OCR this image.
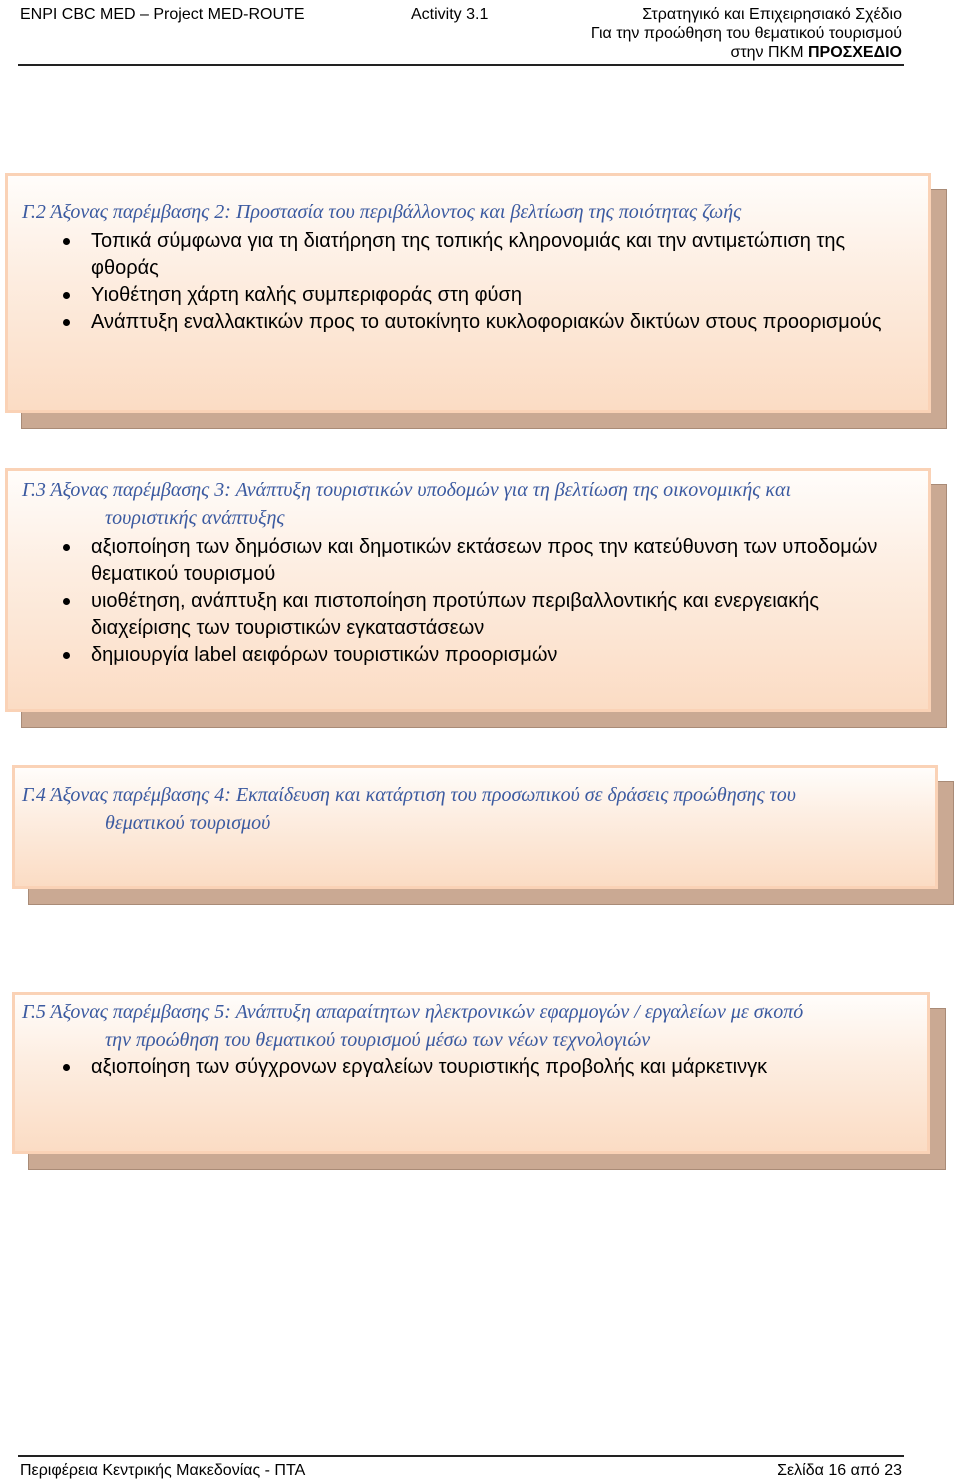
ENPI CBC MED – Project MED-ROUTE	Activity 3.1	Στρατηγικό και Επιχειρησιακό Σχέδιο
Για την προώθηση του θεματικού τουρισμού
στην ΠΚΜ ΠΡΟΣΧΕΔΙΟ
Γ.2 Άξονας παρέμβασης 2: Προστασία του περιβάλλοντος και βελτίωση της ποιότητας ζωής
Τοπικά σύμφωνα για τη διατήρηση της τοπικής κληρονομιάς και την αντιμετώπιση της φθοράς
Υιοθέτηση χάρτη καλής συμπεριφοράς στη φύση
Ανάπτυξη εναλλακτικών προς το αυτοκίνητο κυκλοφοριακών δικτύων στους προορισμούς
Γ.3 Άξονας παρέμβασης 3: Ανάπτυξη τουριστικών υποδομών για τη βελτίωση της οικονομικής και
τουριστικής ανάπτυξης
αξιοποίηση των δημόσιων και δημοτικών εκτάσεων προς την κατεύθυνση των υποδομών θεματικού τουρισμού
υιοθέτηση, ανάπτυξη και πιστοποίηση προτύπων περιβαλλοντικής και ενεργειακής διαχείρισης των τουριστικών εγκαταστάσεων
δημιουργία label αειφόρων τουριστικών προορισμών
Γ.4 Άξονας παρέμβασης 4: Εκπαίδευση και κατάρτιση του προσωπικού σε δράσεις προώθησης του
θεματικού τουρισμού
Γ.5 Άξονας παρέμβασης 5: Ανάπτυξη απαραίτητων ηλεκτρονικών εφαρμογών / εργαλείων με σκοπό
την προώθηση του θεματικού τουρισμού μέσω των νέων τεχνολογιών
αξιοποίηση των σύγχρονων εργαλείων τουριστικής προβολής και μάρκετινγκ
Περιφέρεια Κεντρικής Μακεδονίας - ΠΤΑ	Σελίδα 16 από 23
